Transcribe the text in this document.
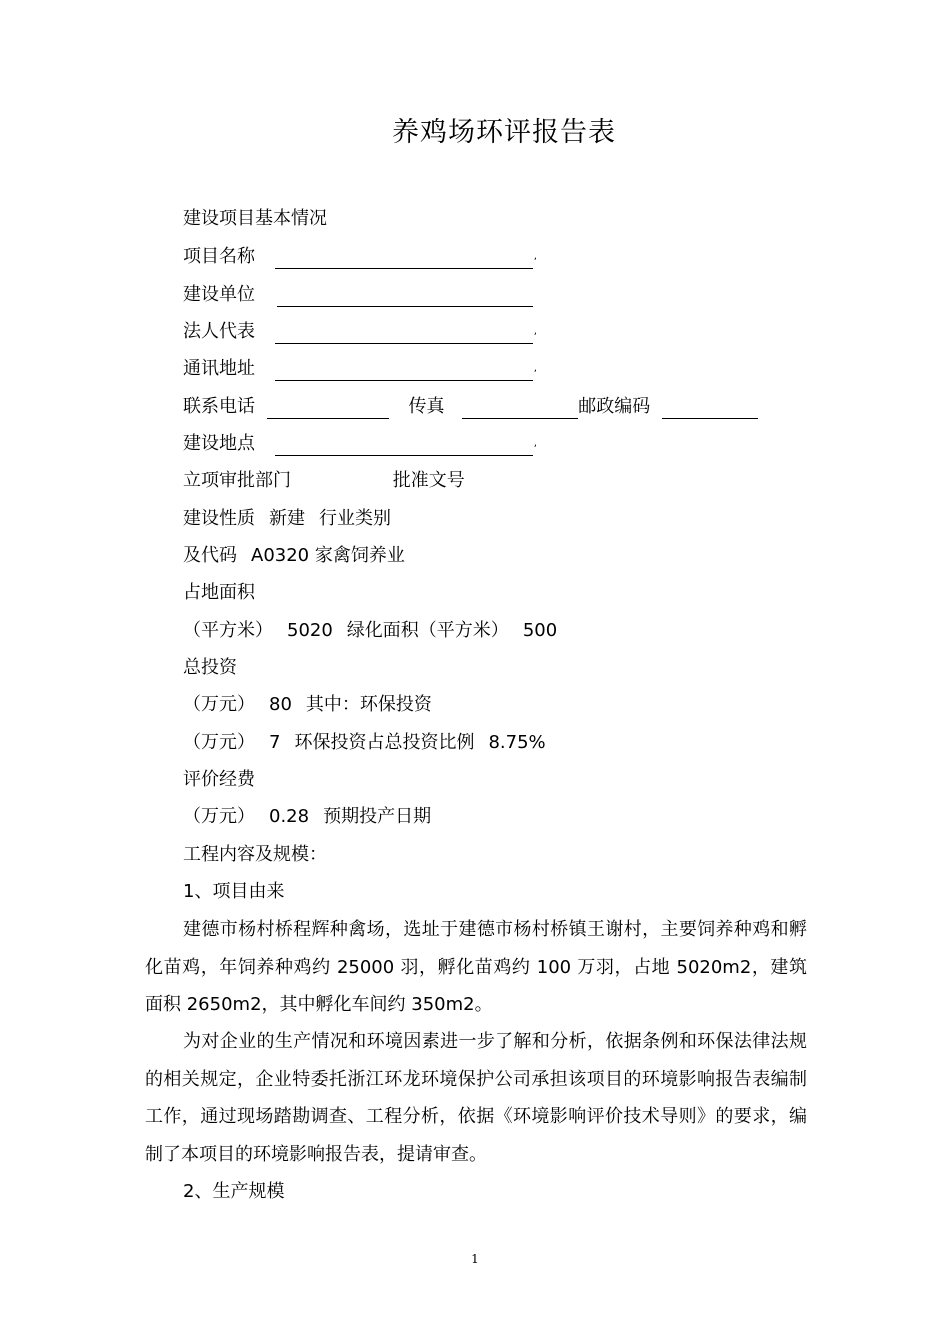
养鸡场环评报告表
建设项目基本情况
项目名称	,
建设单位
法人代表	,
通讯地址	,
联系电话	传真	邮政编码
建设地点	,
立项审批部门	批准文号
建设性质 新建 行业类别
及代码 A0320 家禽饲养业
占地面积
（平方米） 5020 绿化面积（平方米） 500
总投资
（万元） 80 其中：环保投资
（万元） 7 环保投资占总投资比例 8.75%
评价经费
（万元） 0.28 预期投产日期
工程内容及规模：
1、项目由来
建德市杨村桥程辉种禽场，选址于建德市杨村桥镇王谢村，主要饲养种鸡和孵化苗鸡，年饲养种鸡约 25000 羽，孵化苗鸡约 100 万羽，占地 5020m2，建筑面积 2650m2，其中孵化车间约 350m2。
为对企业的生产情况和环境因素进一步了解和分析，依据条例和环保法律法规的相关规定，企业特委托浙江环龙环境保护公司承担该项目的环境影响报告表编制工作，通过现场踏勘调查、工程分析，依据《环境影响评价技术导则》的要求，编制了本项目的环境影响报告表，提请审查。
2、生产规模
1
